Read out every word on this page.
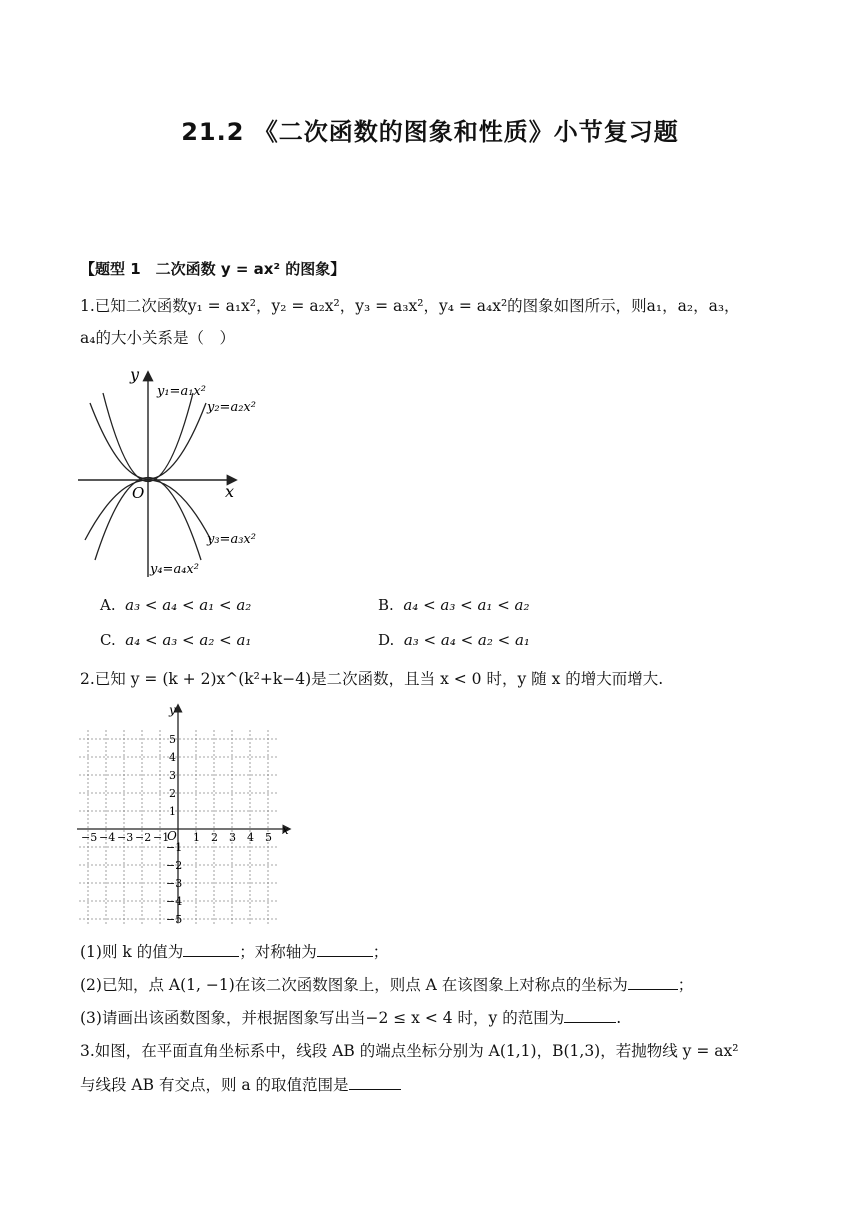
21.2 《二次函数的图象和性质》小节复习题
【题型 1　二次函数 y = ax² 的图象】
1.已知二次函数y₁ = a₁x²，y₂ = a₂x²，y₃ = a₃x²，y₄ = a₄x²的图象如图所示，则a₁，a₂，a₃，
a₄的大小关系是（　）
y
x
O
y₁=a₁x²
y₂=a₂x²
y₃=a₃x²
y₄=a₄x²
A. a₃ < a₄ < a₁ < a₂	B. a₄ < a₃ < a₁ < a₂
C. a₄ < a₃ < a₂ < a₁	D. a₃ < a₄ < a₂ < a₁
2.已知 y = (k + 2)x^(k²+k−4)是二次函数，且当 x < 0 时，y 随 x 的增大而增大.
−5 −4 −3 −2 −1 1 2 3 4 5
5
4
3
2
1
−1
−2
−3
−4
−5
x
y
O
(1)则 k 的值为	；对称轴为	；
(2)已知，点 A(1, −1)在该二次函数图象上，则点 A 在该图象上对称点的坐标为	；
(3)请画出该函数图象，并根据图象写出当−2 ≤ x < 4 时，y 的范围为	.
3.如图，在平面直角坐标系中，线段 AB 的端点坐标分别为 A(1,1)，B(1,3)，若抛物线 y = ax²
与线段 AB 有交点，则 a 的取值范围是
